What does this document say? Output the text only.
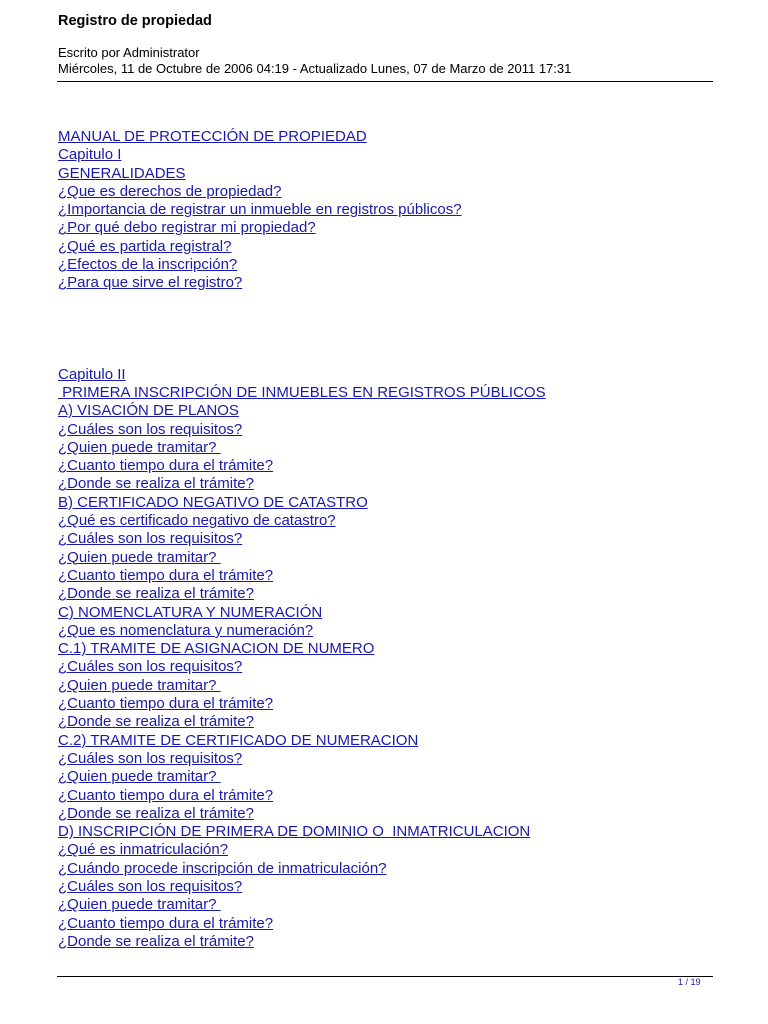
Registro de propiedad
Escrito por Administrator
Miércoles, 11 de Octubre de 2006 04:19 - Actualizado Lunes, 07 de Marzo de 2011 17:31
MANUAL DE PROTECCIÓN DE PROPIEDAD
Capitulo I
GENERALIDADES
¿Que es derechos de propiedad?
¿Importancia de registrar un inmueble en registros públicos?
¿Por qué debo registrar mi propiedad?
¿Qué es partida registral?
¿Efectos de la inscripción?
¿Para que sirve el registro?
Capitulo II
PRIMERA INSCRIPCIÓN DE INMUEBLES EN REGISTROS PÚBLICOS
A) VISACIÓN DE PLANOS
¿Cuáles son los requisitos?
¿Quien puede tramitar?
¿Cuanto tiempo dura el trámite?
¿Donde se realiza el trámite?
B) CERTIFICADO NEGATIVO DE CATASTRO
¿Qué es certificado negativo de catastro?
¿Cuáles son los requisitos?
¿Quien puede tramitar?
¿Cuanto tiempo dura el trámite?
¿Donde se realiza el trámite?
C) NOMENCLATURA Y NUMERACIÓN
¿Que es nomenclatura y numeración?
C.1) TRAMITE DE ASIGNACION DE NUMERO
¿Cuáles son los requisitos?
¿Quien puede tramitar?
¿Cuanto tiempo dura el trámite?
¿Donde se realiza el trámite?
C.2) TRAMITE DE CERTIFICADO DE NUMERACION
¿Cuáles son los requisitos?
¿Quien puede tramitar?
¿Cuanto tiempo dura el trámite?
¿Donde se realiza el trámite?
D) INSCRIPCIÓN DE PRIMERA DE DOMINIO O  INMATRICULACION
¿Qué es inmatriculación?
¿Cuándo procede inscripción de inmatriculación?
¿Cuáles son los requisitos?
¿Quien puede tramitar?
¿Cuanto tiempo dura el trámite?
¿Donde se realiza el trámite?
1 / 19
